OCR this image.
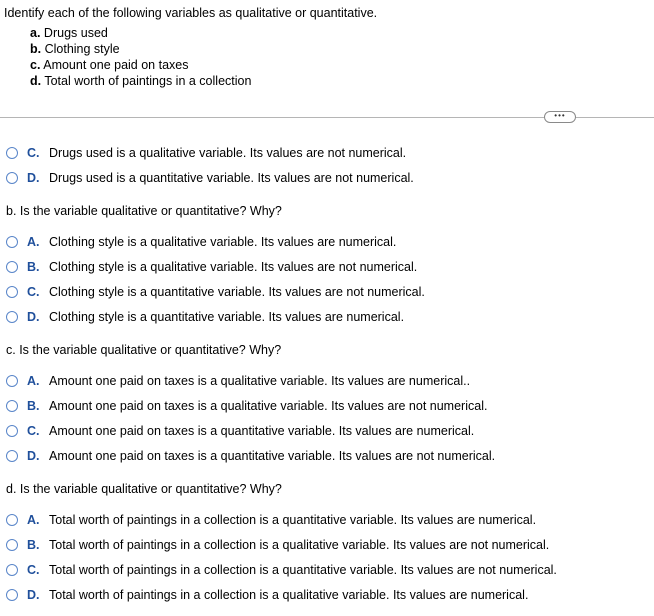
Identify each of the following variables as qualitative or quantitative.
a. Drugs used
b. Clothing style
c. Amount one paid on taxes
d. Total worth of paintings in a collection
•••
C. Drugs used is a qualitative variable. Its values are not numerical.
D. Drugs used is a quantitative variable. Its values are not numerical.
b. Is the variable qualitative or quantitative? Why?
A. Clothing style is a qualitative variable. Its values are numerical.
B. Clothing style is a qualitative variable. Its values are not numerical.
C. Clothing style is a quantitative variable. Its values are not numerical.
D. Clothing style is a quantitative variable. Its values are numerical.
c. Is the variable qualitative or quantitative? Why?
A. Amount one paid on taxes is a qualitative variable. Its values are numerical..
B. Amount one paid on taxes is a qualitative variable. Its values are not numerical.
C. Amount one paid on taxes is a quantitative variable. Its values are numerical.
D. Amount one paid on taxes is a quantitative variable. Its values are not numerical.
d. Is the variable qualitative or quantitative? Why?
A. Total worth of paintings in a collection is a quantitative variable. Its values are numerical.
B. Total worth of paintings in a collection is a qualitative variable. Its values are not numerical.
C. Total worth of paintings in a collection is a quantitative variable. Its values are not numerical.
D. Total worth of paintings in a collection is a qualitative variable. Its values are numerical.
